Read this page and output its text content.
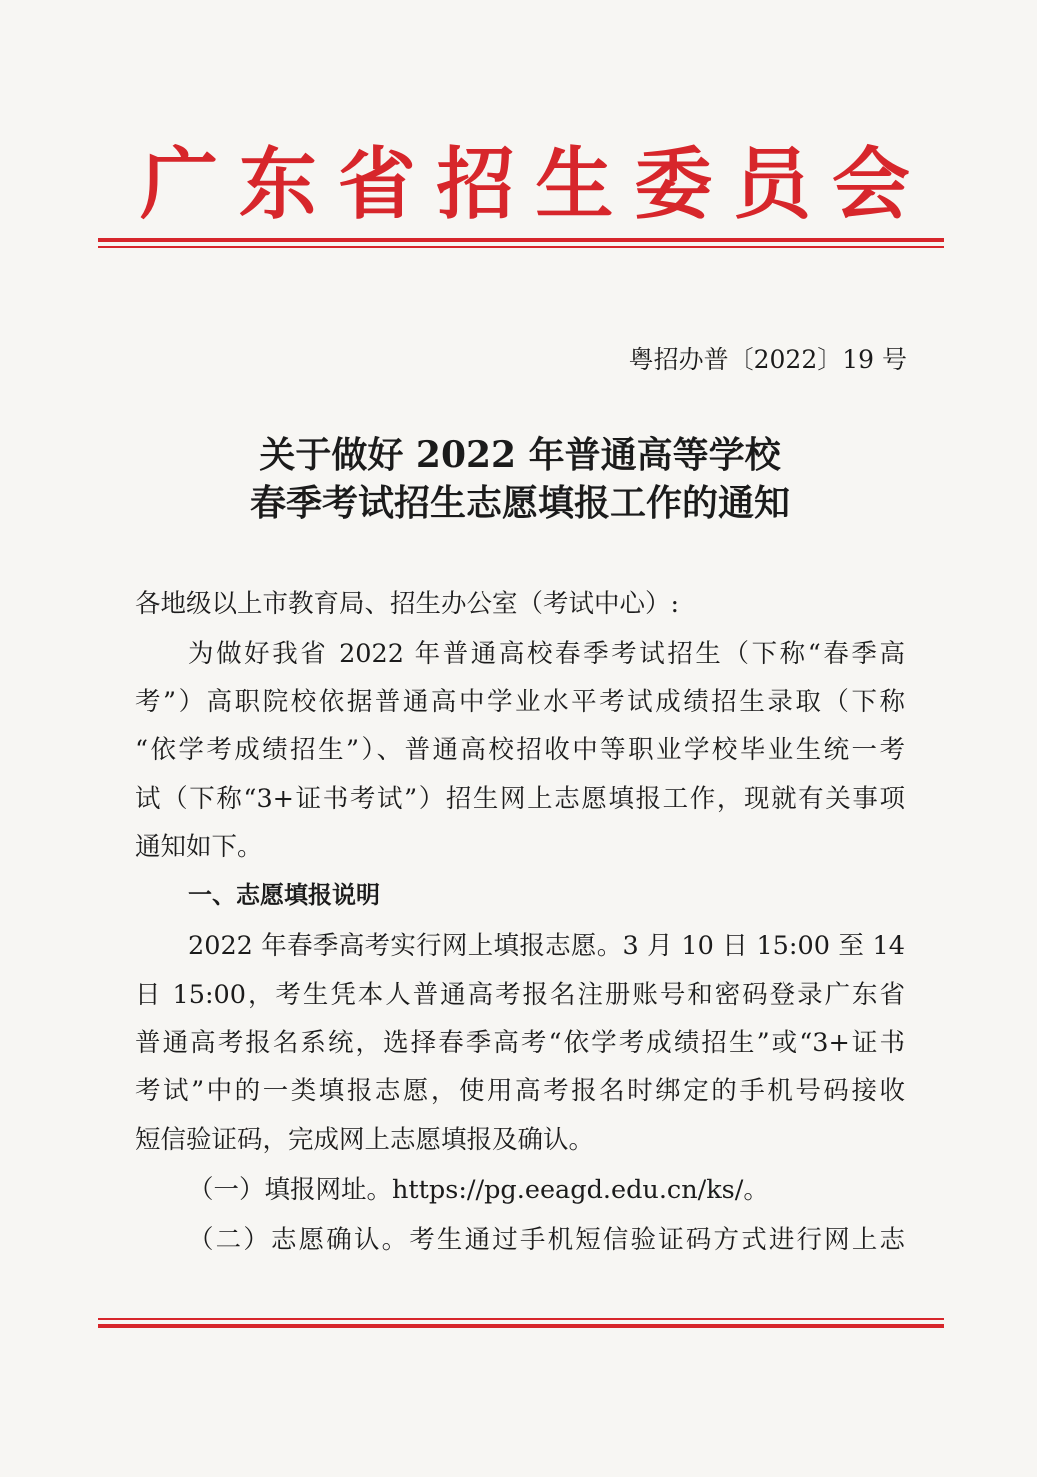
广 东 省 招 生 委 员 会
粤招办普〔2022〕19 号
关于做好 2022 年普通高等学校
春季考试招生志愿填报工作的通知
各地级以上市教育局、招生办公室（考试中心）:
为做好我省 2022 年普通高校春季考试招生（下称“春季高
考”）高职院校依据普通高中学业水平考试成绩招生录取（下称
“依学考成绩招生”）、普通高校招收中等职业学校毕业生统一考
试（下称“3+证书考试”）招生网上志愿填报工作，现就有关事项
通知如下。
一、志愿填报说明
2022 年春季高考实行网上填报志愿。3 月 10 日 15:00 至 14
日 15:00，考生凭本人普通高考报名注册账号和密码登录广东省
普通高考报名系统，选择春季高考“依学考成绩招生”或“3+证书
考试”中的一类填报志愿，使用高考报名时绑定的手机号码接收
短信验证码，完成网上志愿填报及确认。
（一）填报网址。https://pg.eeagd.edu.cn/ks/。
（二）志愿确认。考生通过手机短信验证码方式进行网上志
